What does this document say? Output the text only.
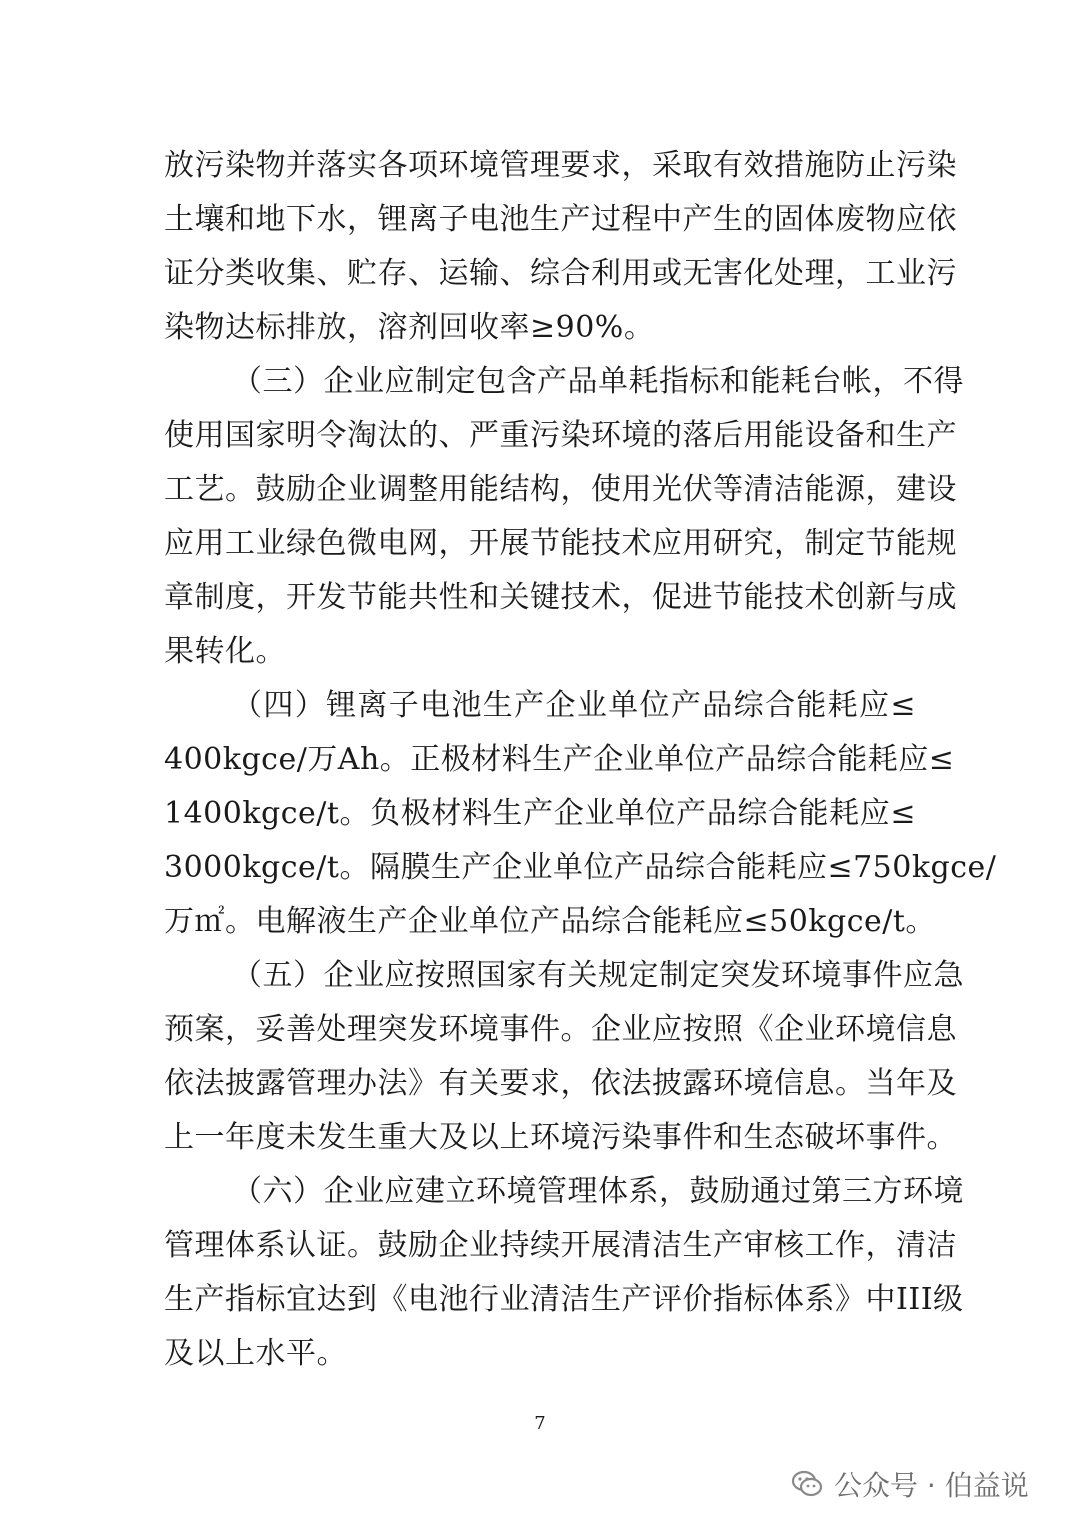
放污染物并落实各项环境管理要求，采取有效措施防止污染
土壤和地下水，锂离子电池生产过程中产生的固体废物应依
证分类收集、贮存、运输、综合利用或无害化处理，工业污
染物达标排放，溶剂回收率≥90%。
（三）企业应制定包含产品单耗指标和能耗台帐，不得
使用国家明令淘汰的、严重污染环境的落后用能设备和生产
工艺。鼓励企业调整用能结构，使用光伏等清洁能源，建设
应用工业绿色微电网，开展节能技术应用研究，制定节能规
章制度，开发节能共性和关键技术，促进节能技术创新与成
果转化。
（四）锂离子电池生产企业单位产品综合能耗应≤
400kgce/万Ah。正极材料生产企业单位产品综合能耗应≤
1400kgce/t。负极材料生产企业单位产品综合能耗应≤
3000kgce/t。隔膜生产企业单位产品综合能耗应≤750kgce/
万㎡。电解液生产企业单位产品综合能耗应≤50kgce/t。
（五）企业应按照国家有关规定制定突发环境事件应急
预案，妥善处理突发环境事件。企业应按照《企业环境信息
依法披露管理办法》有关要求，依法披露环境信息。当年及
上一年度未发生重大及以上环境污染事件和生态破坏事件。
（六）企业应建立环境管理体系，鼓励通过第三方环境
管理体系认证。鼓励企业持续开展清洁生产审核工作，清洁
生产指标宜达到《电池行业清洁生产评价指标体系》中III级
及以上水平。
7
公众号 · 伯益说
